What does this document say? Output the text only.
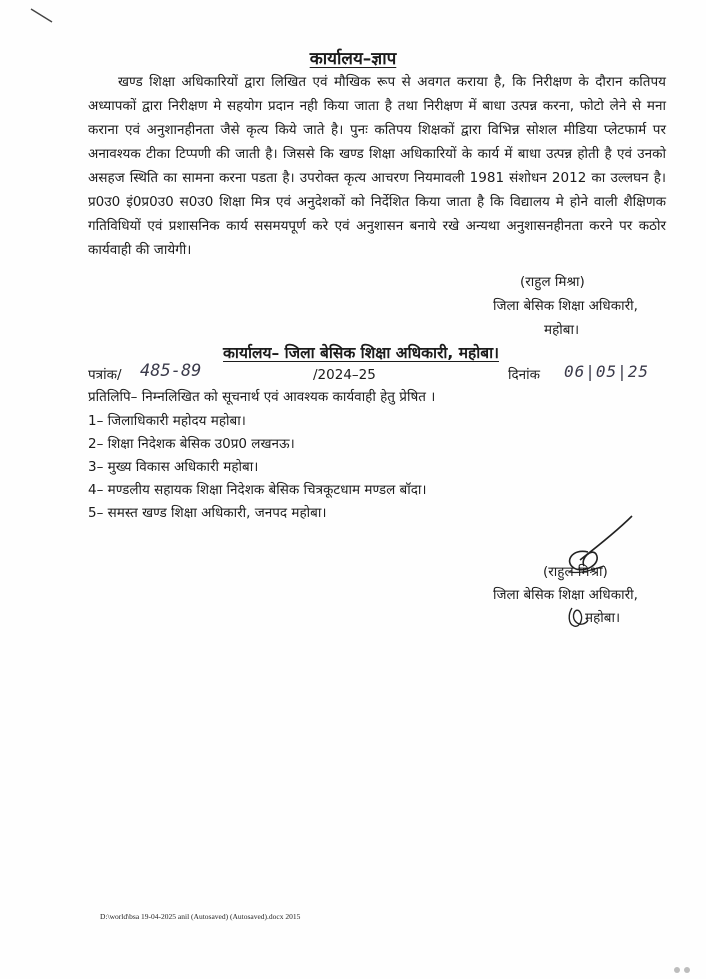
कार्यालय–ज्ञाप
खण्ड शिक्षा अधिकारियों द्वारा लिखित एवं मौखिक रूप से अवगत कराया है, कि निरीक्षण के दौरान कतिपय अध्यापकों द्वारा निरीक्षण मे सहयोग प्रदान नही किया जाता है तथा निरीक्षण में बाधा उत्पन्न करना, फोटो लेने से मना कराना एवं अनुशानहीनता जैसे कृत्य किये जाते है। पुनः कतिपय शिक्षकों द्वारा विभिन्न सोशल मीडिया प्लेटफार्म पर अनावश्यक टीका टिप्पणी की जाती है। जिससे कि खण्ड शिक्षा अधिकारियों के कार्य में बाधा उत्पन्न होती है एवं उनको असहज स्थिति का सामना करना पडता है। उपरोक्त कृत्य आचरण नियमावली 1981 संशोधन 2012 का उल्लघन है। प्र0उ0 इं0प्र0उ0 स0उ0 शिक्षा मित्र एवं अनुदेशकों को निर्देशित किया जाता है कि विद्यालय मे होने वाली शैक्षिणक गतिविधियों एवं प्रशासनिक कार्य ससमयपूर्ण करे एवं अनुशासन बनाये रखे अन्यथा अनुशासनहीनता करने पर कठोर कार्यवाही की जायेगी।
(राहुल मिश्रा)
जिला बेसिक शिक्षा अधिकारी,
महोबा।
कार्यालय– जिला बेसिक शिक्षा अधिकारी, महोबा।
पत्रांक/ 485-89	/2024–25	दिनांक 06|05|25
प्रतिलिपि– निम्नलिखित को सूचनार्थ एवं आवश्यक कार्यवाही हेतु प्रेषित ।
1– जिलाधिकारी महोदय महोबा।
2– शिक्षा निदेशक बेसिक उ0प्र0 लखनऊ।
3– मुख्य विकास अधिकारी महोबा।
4– मण्डलीय सहायक शिक्षा निदेशक बेसिक चित्रकूटधाम मण्डल बॉदा।
5– समस्त खण्ड शिक्षा अधिकारी, जनपद महोबा।
(राहुल मिश्रा)
जिला बेसिक शिक्षा अधिकारी,
महोबा।
D:\world\bsa 19-04-2025 anil (Autosaved) (Autosaved).docx 2015
